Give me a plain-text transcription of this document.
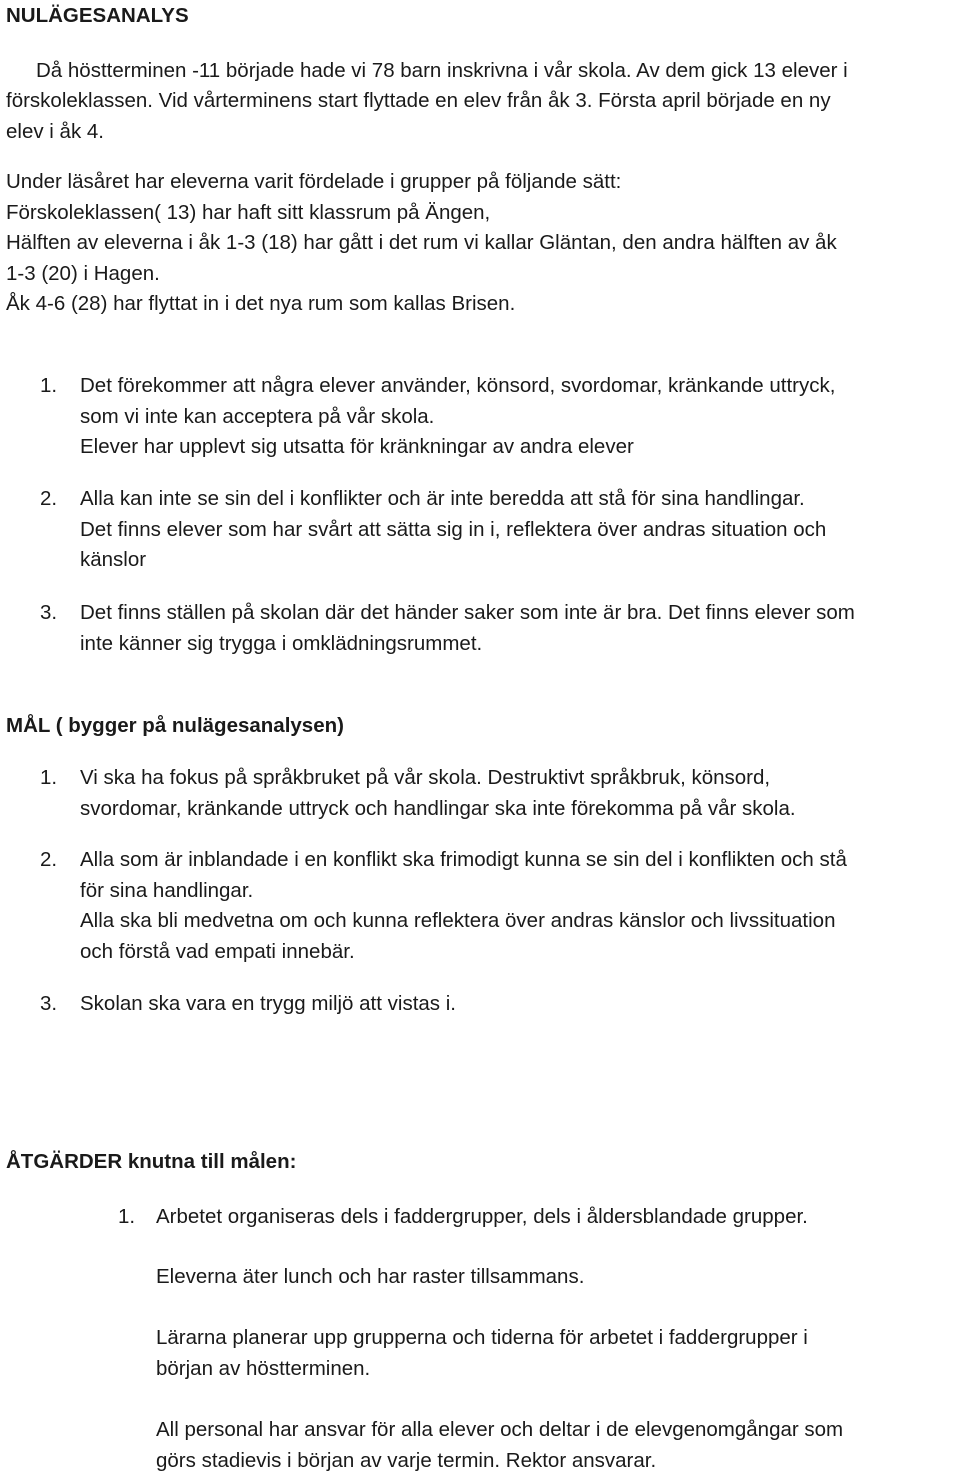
NULÄGESANALYS

Då höstterminen -11 började hade vi 78 barn inskrivna i vår skola. Av dem gick 13 elever i

förskoleklassen. Vid vårterminens start flyttade en elev från åk 3. Första april började en ny
elev i åk 4.

Under läsåret har eleverna varit fördelade i grupper på följande sätt:
Förskoleklassen( 13) har haft sitt klassrum på Ängen,
Hälften av eleverna i åk 1-3 (18) har gått i det rum vi kallar Gläntan, den andra hälften av åk
1-3 (20) i Hagen.
Åk 4-6 (28) har flyttat in i det nya rum som kallas Brisen.

1. Det förekommer att några elever använder, könsord, svordomar, kränkande uttryck,
som vi inte kan acceptera på vår skola.
Elever har upplevt sig utsatta för kränkningar av andra elever
2. Alla kan inte se sin del i konflikter och är inte beredda att stå för sina handlingar.
Det finns elever som har svårt att sätta sig in i, reflektera över andras situation och
känslor
3. Det finns ställen på skolan där det händer saker som inte är bra. Det finns elever som
inte känner sig trygga i omklädningsrummet.
MÅL ( bygger på nulägesanalysen)
1. Vi ska ha fokus på språkbruket på vår skola. Destruktivt språkbruk, könsord,
svordomar, kränkande uttryck och handlingar ska inte förekomma på vår skola.
2. Alla som är inblandade i en konflikt ska frimodigt kunna se sin del i konflikten och stå
för sina handlingar.
Alla ska bli medvetna om och kunna reflektera över andras känslor och livssituation
och förstå vad empati innebär.
3. Skolan ska vara en trygg miljö att vistas i.
ÅTGÄRDER knutna till målen:
1. Arbetet organiseras dels i faddergrupper, dels i åldersblandade grupper.
Eleverna äter lunch och har raster tillsammans.
Lärarna planerar upp grupperna och tiderna för arbetet i faddergrupper i
början av höstterminen.
All personal har ansvar för alla elever och deltar i de elevgenomgångar som
görs stadievis i början av varje termin. Rektor ansvarar.
